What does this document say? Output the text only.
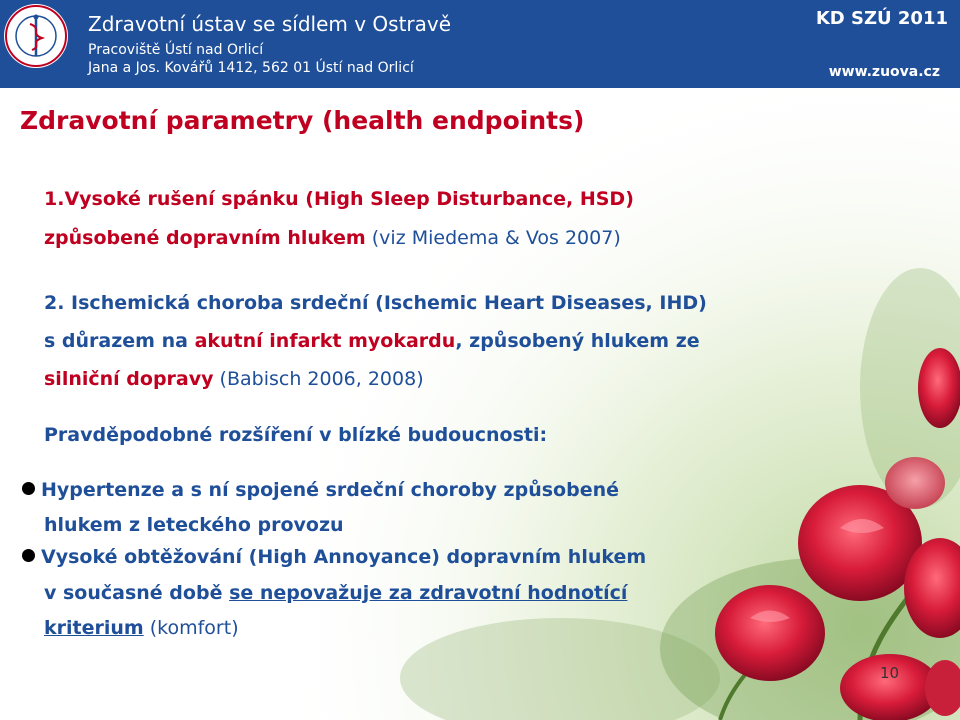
Zdravotní ústav se sídlem v Ostravě
Pracoviště Ústí nad Orlicí
Jana a Jos. Kovářů 1412, 562 01 Ústí nad Orlicí
KD SZÚ 2011
www.zuova.cz
Zdravotní parametry (health endpoints)
1.Vysoké rušení spánku (High Sleep Disturbance, HSD)
způsobené dopravním hlukem (viz Miedema & Vos 2007)
2. Ischemická choroba srdeční (Ischemic Heart Diseases, IHD)
s důrazem na akutní infarkt myokardu, způsobený hlukem ze
silniční dopravy (Babisch 2006, 2008)
Pravděpodobné rozšíření v blízké budoucnosti:
Hypertenze a s ní spojené srdeční choroby způsobené
hlukem z leteckého provozu
Vysoké obtěžování (High Annoyance) dopravním hlukem
v současné době se nepovažuje za zdravotní hodnotící
kriterium (komfort)
10
